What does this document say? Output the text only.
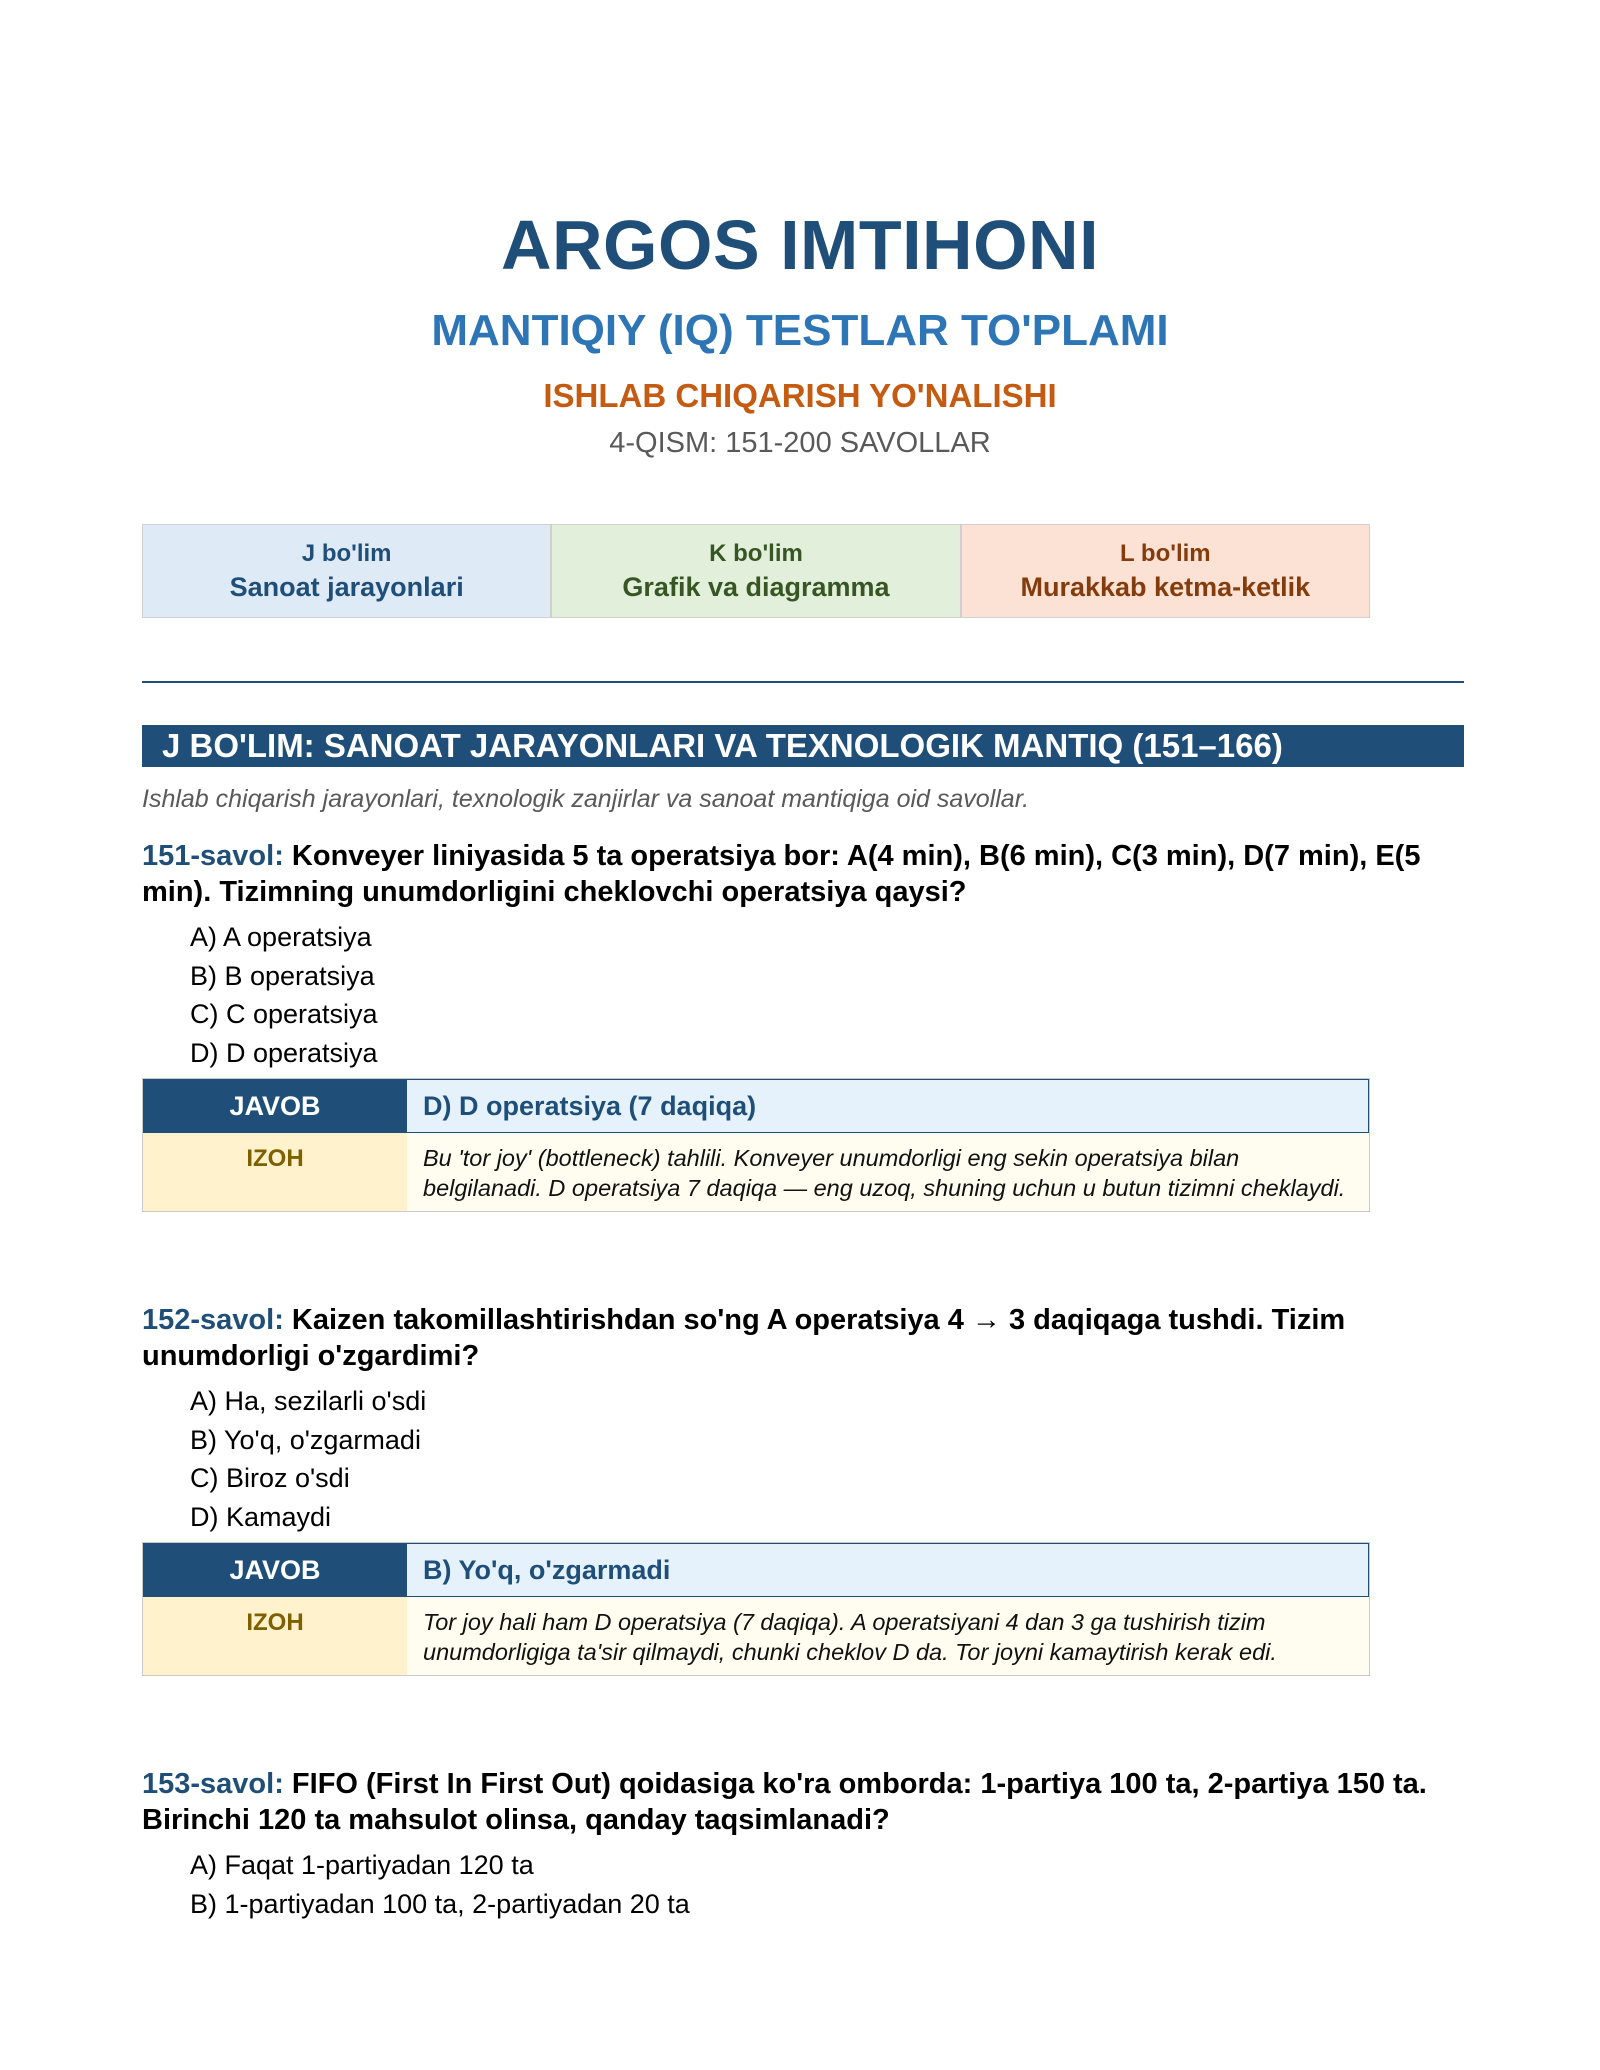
ARGOS IMTIHONI
MANTIQIY (IQ) TESTLAR TO'PLAMI
ISHLAB CHIQARISH YO'NALISHI
4-QISM: 151-200 SAVOLLAR
J bo'lim
Sanoat jarayonlari
K bo'lim
Grafik va diagramma
L bo'lim
Murakkab ketma-ketlik
J BO'LIM: SANOAT JARAYONLARI VA TEXNOLOGIK MANTIQ (151–166)
Ishlab chiqarish jarayonlari, texnologik zanjirlar va sanoat mantiqiga oid savollar.
151-savol: Konveyer liniyasida 5 ta operatsiya bor: A(4 min), B(6 min), C(3 min), D(7 min), E(5 min). Tizimning unumdorligini cheklovchi operatsiya qaysi?
A) A operatsiya
B) B operatsiya
C) C operatsiya
D) D operatsiya
JAVOB	D) D operatsiya (7 daqiqa)
IZOH	Bu 'tor joy' (bottleneck) tahlili. Konveyer unumdorligi eng sekin operatsiya bilan belgilanadi. D operatsiya 7 daqiqa — eng uzoq, shuning uchun u butun tizimni cheklaydi.
152-savol: Kaizen takomillashtirishdan so'ng A operatsiya 4 → 3 daqiqaga tushdi. Tizim unumdorligi o'zgardimi?
A) Ha, sezilarli o'sdi
B) Yo'q, o'zgarmadi
C) Biroz o'sdi
D) Kamaydi
JAVOB	B) Yo'q, o'zgarmadi
IZOH	Tor joy hali ham D operatsiya (7 daqiqa). A operatsiyani 4 dan 3 ga tushirish tizim unumdorligiga ta'sir qilmaydi, chunki cheklov D da. Tor joyni kamaytirish kerak edi.
153-savol: FIFO (First In First Out) qoidasiga ko'ra omborda: 1-partiya 100 ta, 2-partiya 150 ta. Birinchi 120 ta mahsulot olinsa, qanday taqsimlanadi?
A) Faqat 1-partiyadan 120 ta
B) 1-partiyadan 100 ta, 2-partiyadan 20 ta
